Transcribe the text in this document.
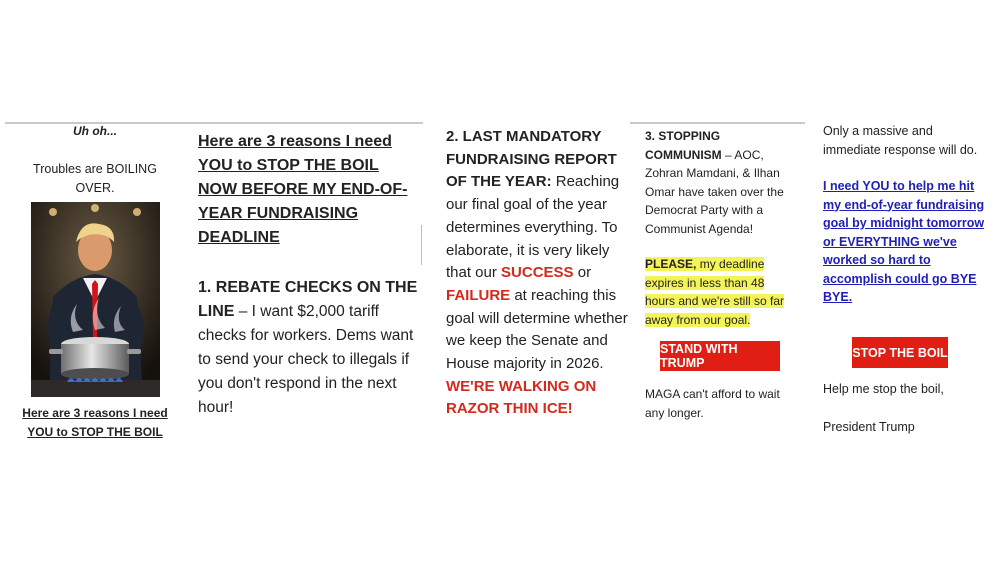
Uh oh...
Troubles are BOILING OVER.
Here are 3 reasons I need YOU to STOP THE BOIL
Here are 3 reasons I need YOU to STOP THE BOIL NOW BEFORE MY END-OF-YEAR FUNDRAISING DEADLINE
1. REBATE CHECKS ON THE LINE – I want $2,000 tariff checks for workers. Dems want to send your check to illegals if you don't respond in the next hour!
2. LAST MANDATORY FUNDRAISING REPORT OF THE YEAR: Reaching our final goal of the year determines everything. To elaborate, it is very likely that our SUCCESS or FAILURE at reaching this goal will determine whether we keep the Senate and House majority in 2026. WE'RE WALKING ON RAZOR THIN ICE!
3. STOPPING COMMUNISM – AOC, Zohran Mamdani, & Ilhan Omar have taken over the Democrat Party with a Communist Agenda!
PLEASE, my deadline expires in less than 48 hours and we're still so far away from our goal.
STAND WITH TRUMP
MAGA can't afford to wait any longer.
Only a massive and immediate response will do.
I need YOU to help me hit my end-of-year fundraising goal by midnight tomorrow or EVERYTHING we've worked so hard to accomplish could go BYE BYE.
STOP THE BOIL
Help me stop the boil,
President Trump
